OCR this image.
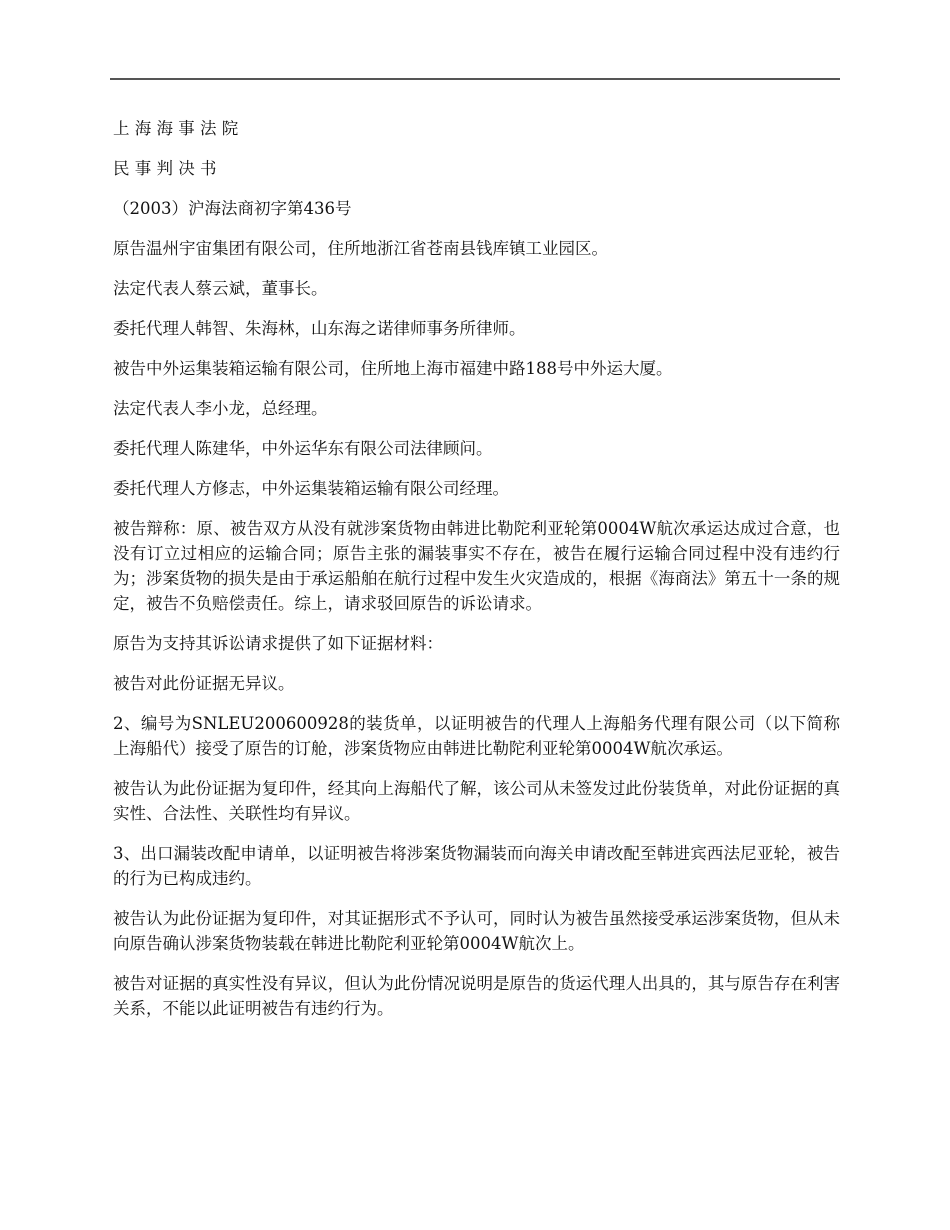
上 海 海 事 法 院

民 事 判 决 书

（2003）沪海法商初字第436号

原告温州宇宙集团有限公司，住所地浙江省苍南县钱库镇工业园区。

法定代表人蔡云斌，董事长。

委托代理人韩智、朱海林，山东海之诺律师事务所律师。

被告中外运集装箱运输有限公司，住所地上海市福建中路188号中外运大厦。

法定代表人李小龙，总经理。

委托代理人陈建华，中外运华东有限公司法律顾问。

委托代理人方修志，中外运集装箱运输有限公司经理。

被告辩称：原、被告双方从没有就涉案货物由韩进比勒陀利亚轮第0004W航次承运达成过合意，也没有订立过相应的运输合同；原告主张的漏装事实不存在，被告在履行运输合同过程中没有违约行为；涉案货物的损失是由于承运船舶在航行过程中发生火灾造成的，根据《海商法》第五十一条的规定，被告不负赔偿责任。综上，请求驳回原告的诉讼请求。

原告为支持其诉讼请求提供了如下证据材料：

被告对此份证据无异议。

2、编号为SNLEU200600928的装货单，以证明被告的代理人上海船务代理有限公司（以下简称上海船代）接受了原告的订舱，涉案货物应由韩进比勒陀利亚轮第0004W航次承运。

被告认为此份证据为复印件，经其向上海船代了解，该公司从未签发过此份装货单，对此份证据的真实性、合法性、关联性均有异议。

3、出口漏装改配申请单，以证明被告将涉案货物漏装而向海关申请改配至韩进宾西法尼亚轮，被告的行为已构成违约。

被告认为此份证据为复印件，对其证据形式不予认可，同时认为被告虽然接受承运涉案货物，但从未向原告确认涉案货物装载在韩进比勒陀利亚轮第0004W航次上。

被告对证据的真实性没有异议，但认为此份情况说明是原告的货运代理人出具的，其与原告存在利害关系，不能以此证明被告有违约行为。
